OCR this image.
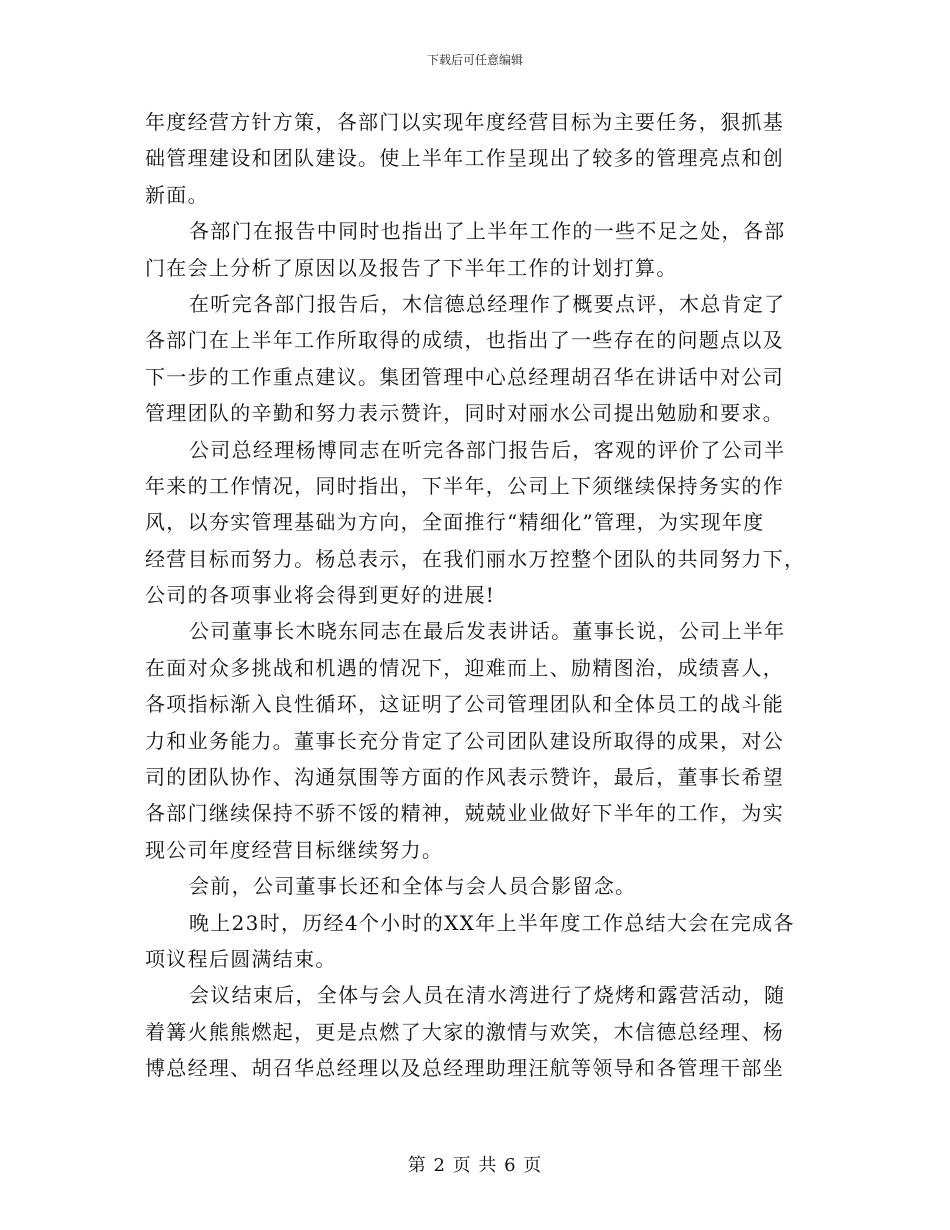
下载后可任意编辑
年度经营方针方策，各部门以实现年度经营目标为主要任务，狠抓基
础管理建设和团队建设。使上半年工作呈现出了较多的管理亮点和创
新面。
各部门在报告中同时也指出了上半年工作的一些不足之处，各部
门在会上分析了原因以及报告了下半年工作的计划打算。
在听完各部门报告后，木信德总经理作了概要点评，木总肯定了
各部门在上半年工作所取得的成绩，也指出了一些存在的问题点以及
下一步的工作重点建议。集团管理中心总经理胡召华在讲话中对公司
管理团队的辛勤和努力表示赞许，同时对丽水公司提出勉励和要求。
公司总经理杨博同志在听完各部门报告后，客观的评价了公司半
年来的工作情况，同时指出，下半年，公司上下须继续保持务实的作
风，以夯实管理基础为方向，全面推行“精细化”管理，为实现年度
经营目标而努力。杨总表示，在我们丽水万控整个团队的共同努力下，
公司的各项事业将会得到更好的进展!
公司董事长木晓东同志在最后发表讲话。董事长说，公司上半年
在面对众多挑战和机遇的情况下，迎难而上、励精图治，成绩喜人，
各项指标渐入良性循环，这证明了公司管理团队和全体员工的战斗能
力和业务能力。董事长充分肯定了公司团队建设所取得的成果，对公
司的团队协作、沟通氛围等方面的作风表示赞许，最后，董事长希望
各部门继续保持不骄不馁的精神，兢兢业业做好下半年的工作，为实
现公司年度经营目标继续努力。
会前，公司董事长还和全体与会人员合影留念。
晚上23时，历经4个小时的XX年上半年度工作总结大会在完成各
项议程后圆满结束。
会议结束后，全体与会人员在清水湾进行了烧烤和露营活动，随
着篝火熊熊燃起，更是点燃了大家的激情与欢笑，木信德总经理、杨
博总经理、胡召华总经理以及总经理助理汪航等领导和各管理干部坐
第 2 页 共 6 页
